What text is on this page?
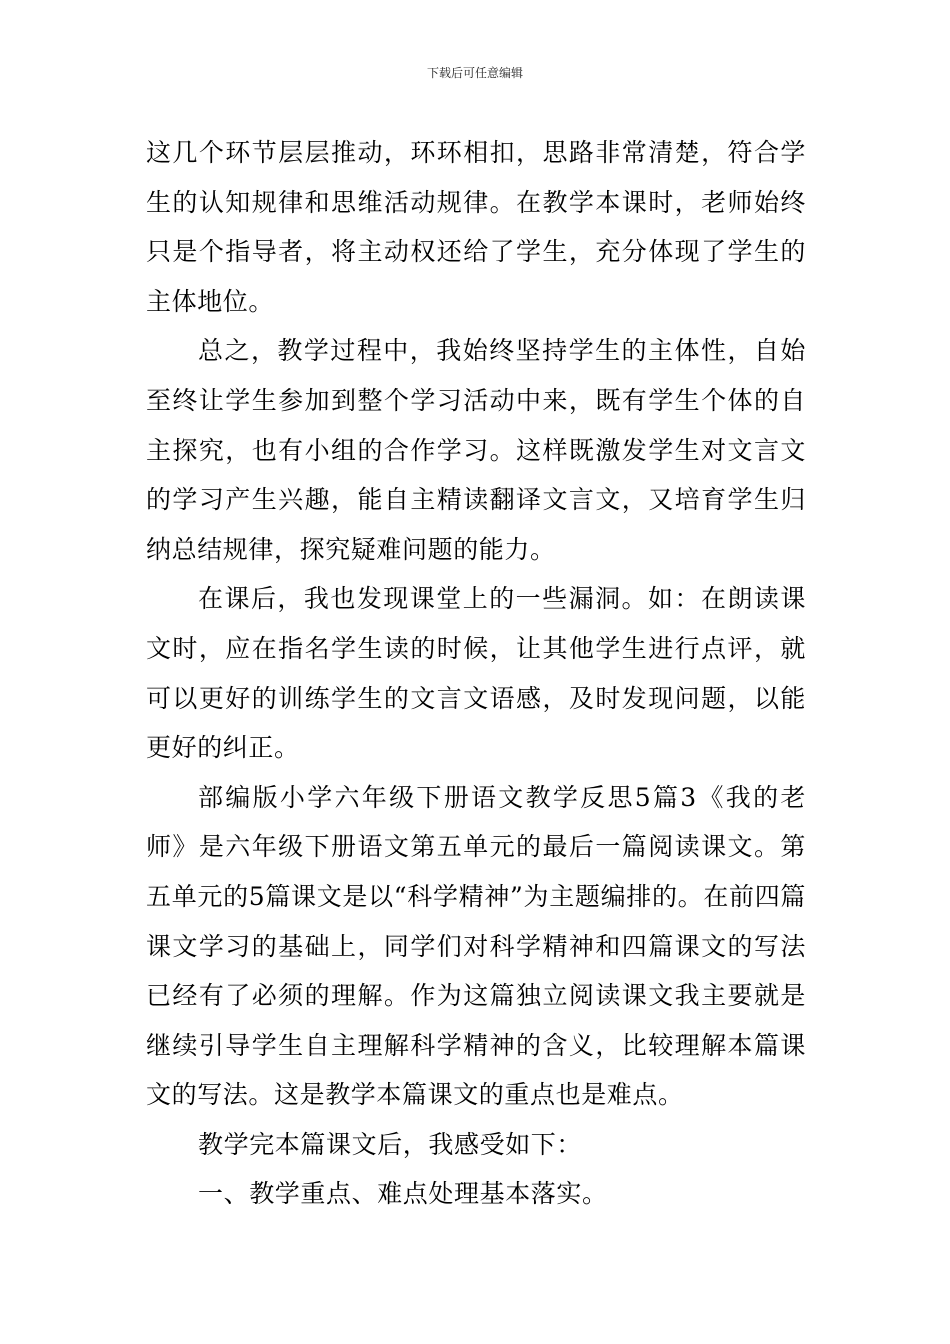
下载后可任意编辑

这几个环节层层推动，环环相扣，思路非常清楚，符合学生的认知规律和思维活动规律。在教学本课时，老师始终只是个指导者，将主动权还给了学生，充分体现了学生的主体地位。

总之，教学过程中，我始终坚持学生的主体性，自始至终让学生参加到整个学习活动中来，既有学生个体的自主探究，也有小组的合作学习。这样既激发学生对文言文的学习产生兴趣，能自主精读翻译文言文，又培育学生归纳总结规律，探究疑难问题的能力。

在课后，我也发现课堂上的一些漏洞。如：在朗读课文时，应在指名学生读的时候，让其他学生进行点评，就可以更好的训练学生的文言文语感，及时发现问题，以能更好的纠正。

部编版小学六年级下册语文教学反思5篇3《我的老师》是六年级下册语文第五单元的最后一篇阅读课文。第五单元的5篇课文是以“科学精神”为主题编排的。在前四篇课文学习的基础上，同学们对科学精神和四篇课文的写法已经有了必须的理解。作为这篇独立阅读课文我主要就是继续引导学生自主理解科学精神的含义，比较理解本篇课文的写法。这是教学本篇课文的重点也是难点。

教学完本篇课文后，我感受如下：

一、教学重点、难点处理基本落实。
